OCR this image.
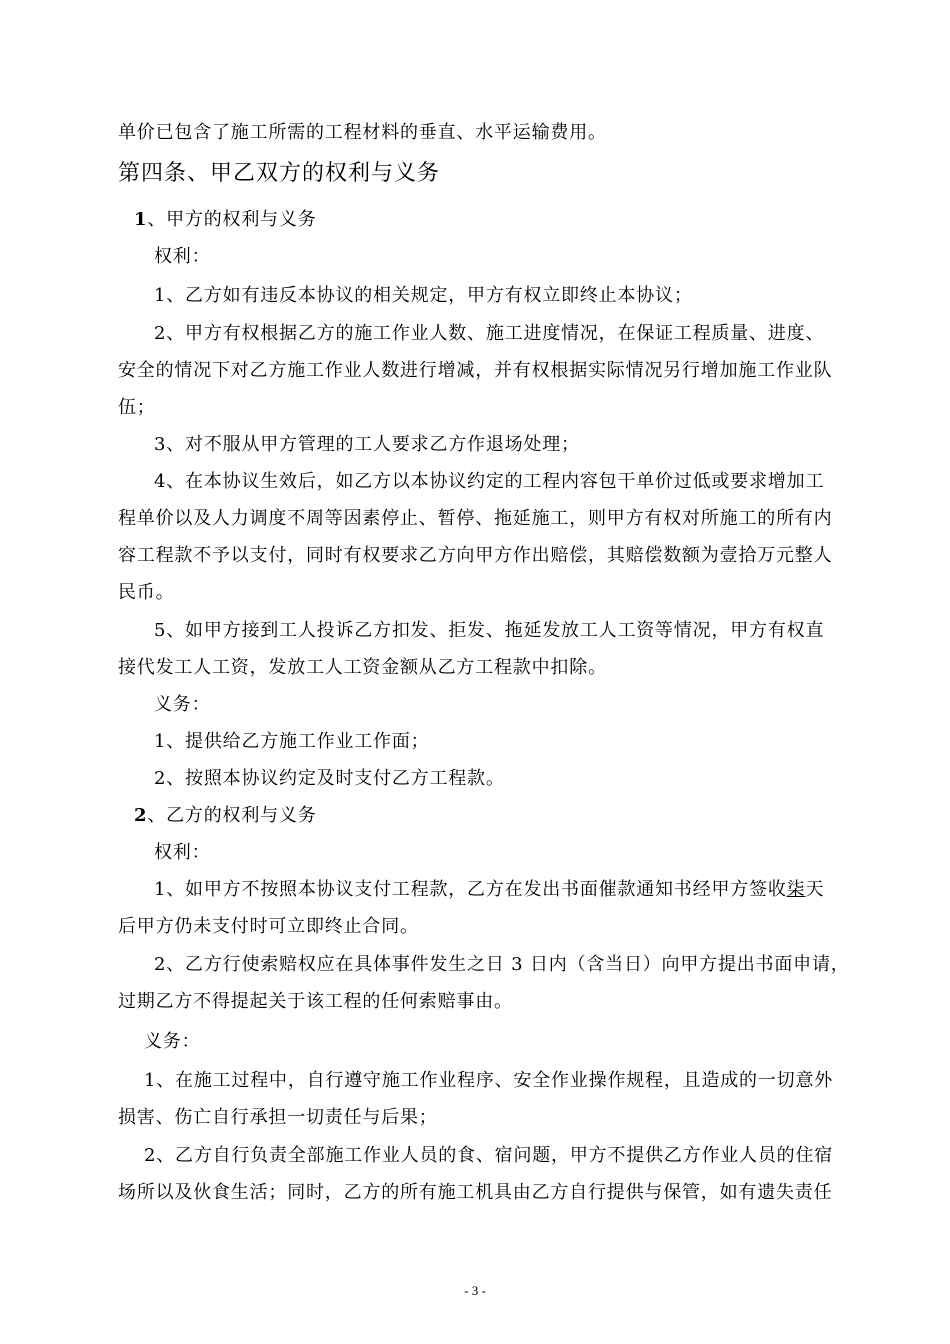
单价已包含了施工所需的工程材料的垂直、水平运输费用。
第四条、甲乙双方的权利与义务
1、甲方的权利与义务
权利：
1、乙方如有违反本协议的相关规定，甲方有权立即终止本协议；
2、甲方有权根据乙方的施工作业人数、施工进度情况，在保证工程质量、进度、
安全的情况下对乙方施工作业人数进行增减，并有权根据实际情况另行增加施工作业队
伍；
3、对不服从甲方管理的工人要求乙方作退场处理；
4、在本协议生效后，如乙方以本协议约定的工程内容包干单价过低或要求增加工
程单价以及人力调度不周等因素停止、暂停、拖延施工，则甲方有权对所施工的所有内
容工程款不予以支付，同时有权要求乙方向甲方作出赔偿，其赔偿数额为壹拾万元整人
民币。
5、如甲方接到工人投诉乙方扣发、拒发、拖延发放工人工资等情况，甲方有权直
接代发工人工资，发放工人工资金额从乙方工程款中扣除。
义务：
1、提供给乙方施工作业工作面；
2、按照本协议约定及时支付乙方工程款。
2、乙方的权利与义务
权利：
1、如甲方不按照本协议支付工程款，乙方在发出书面催款通知书经甲方签收柒天
后甲方仍未支付时可立即终止合同。
2、乙方行使索赔权应在具体事件发生之日 3 日内（含当日）向甲方提出书面申请，
过期乙方不得提起关于该工程的任何索赔事由。
义务：
1、在施工过程中，自行遵守施工作业程序、安全作业操作规程，且造成的一切意外
损害、伤亡自行承担一切责任与后果；
2、乙方自行负责全部施工作业人员的食、宿问题，甲方不提供乙方作业人员的住宿
场所以及伙食生活；同时，乙方的所有施工机具由乙方自行提供与保管，如有遗失责任
- 3 -
